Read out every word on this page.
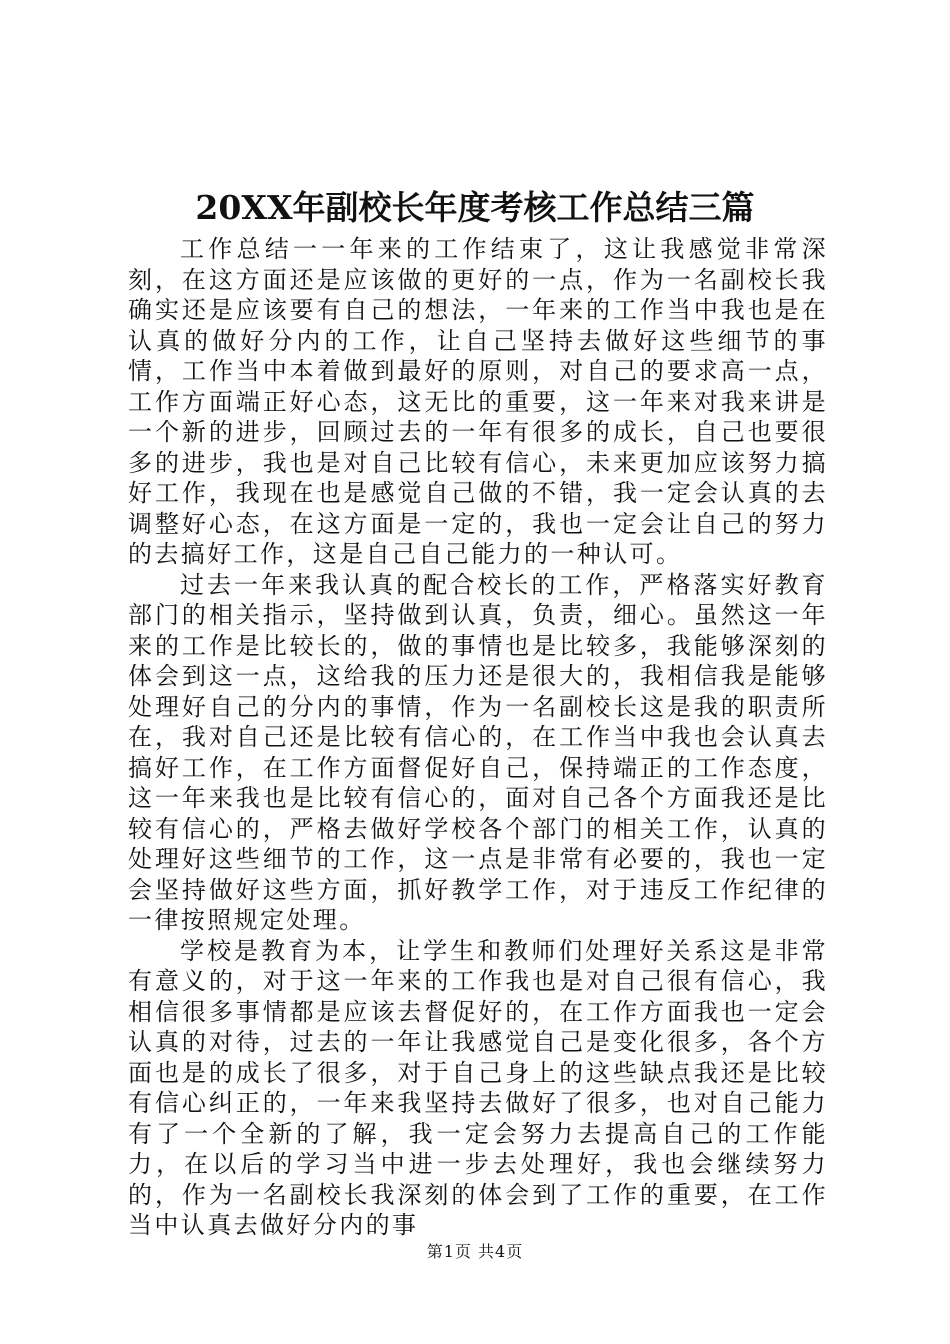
20XX年副校长年度考核工作总结三篇

工作总结一一年来的工作结束了，这让我感觉非常深刻，在这方面还是应该做的更好的一点，作为一名副校长我确实还是应该要有自己的想法，一年来的工作当中我也是在认真的做好分内的工作，让自己坚持去做好这些细节的事情，工作当中本着做到最好的原则，对自己的要求高一点，工作方面端正好心态，这无比的重要，这一年来对我来讲是一个新的进步，回顾过去的一年有很多的成长，自己也要很多的进步，我也是对自己比较有信心，未来更加应该努力搞好工作，我现在也是感觉自己做的不错，我一定会认真的去调整好心态，在这方面是一定的，我也一定会让自己的努力的去搞好工作，这是自己自己能力的一种认可。

过去一年来我认真的配合校长的工作，严格落实好教育部门的相关指示，坚持做到认真，负责，细心。虽然这一年来的工作是比较长的，做的事情也是比较多，我能够深刻的体会到这一点，这给我的压力还是很大的，我相信我是能够处理好自己的分内的事情，作为一名副校长这是我的职责所在，我对自己还是比较有信心的，在工作当中我也会认真去搞好工作，在工作方面督促好自己，保持端正的工作态度，这一年来我也是比较有信心的，面对自己各个方面我还是比较有信心的，严格去做好学校各个部门的相关工作，认真的处理好这些细节的工作，这一点是非常有必要的，我也一定会坚持做好这些方面，抓好教学工作，对于违反工作纪律的一律按照规定处理。

学校是教育为本，让学生和教师们处理好关系这是非常有意义的，对于这一年来的工作我也是对自己很有信心，我相信很多事情都是应该去督促好的，在工作方面我也一定会认真的对待，过去的一年让我感觉自己是变化很多，各个方面也是的成长了很多，对于自己身上的这些缺点我还是比较有信心纠正的，一年来我坚持去做好了很多，也对自己能力有了一个全新的了解，我一定会努力去提高自己的工作能力，在以后的学习当中进一步去处理好，我也会继续努力的，作为一名副校长我深刻的体会到了工作的重要，在工作当中认真去做好分内的事

第1页 共4页
